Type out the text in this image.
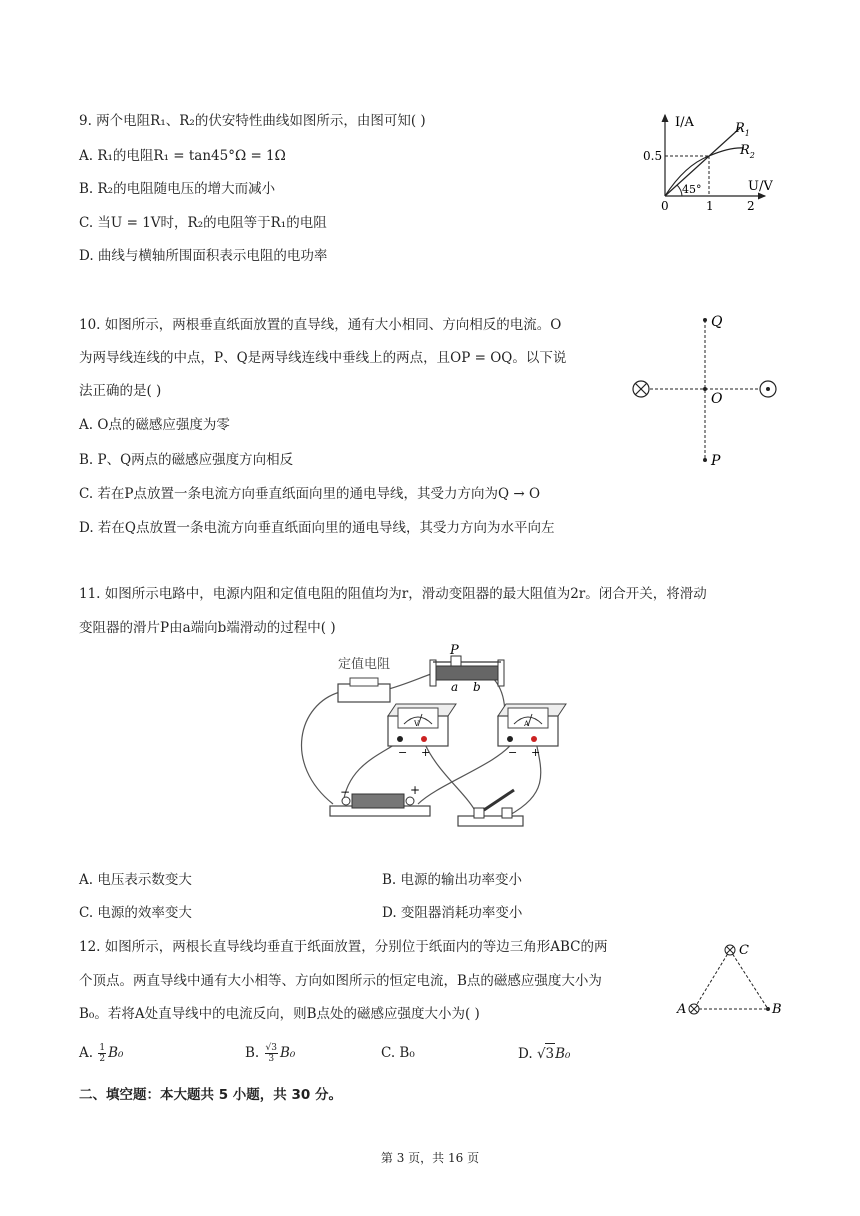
9. 两个电阻R₁、R₂的伏安特性曲线如图所示，由图可知( )
A. R₁的电阻R₁ = tan45°Ω = 1Ω
B. R₂的电阻随电压的增大而减小
C. 当U = 1V时，R₂的电阻等于R₁的电阻
D. 曲线与横轴所围面积表示电阻的电功率
I/A
U/V
$R_1$
$R_2$
0.5
0	1	2
45°
10. 如图所示，两根垂直纸面放置的直导线，通有大小相同、方向相反的电流。O
为两导线连线的中点，P、Q是两导线连线中垂线上的两点，且OP = OQ。以下说
法正确的是( )
A. O点的磁感应强度为零
B. P、Q两点的磁感应强度方向相反
C. 若在P点放置一条电流方向垂直纸面向里的通电导线，其受力方向为Q → O
D. 若在Q点放置一条电流方向垂直纸面向里的通电导线，其受力方向为水平向左
Q
O
P
11. 如图所示电路中，电源内阻和定值电阻的阻值均为r，滑动变阻器的最大阻值为2r。闭合开关，将滑动
变阻器的滑片P由a端向b端滑动的过程中( )
定值电阻
P
a b
V
− +
A
− +
−	+
A. 电压表示数变大	B. 电源的输出功率变小
C. 电源的效率变大	D. 变阻器消耗功率变小
12. 如图所示，两根长直导线均垂直于纸面放置，分别位于纸面内的等边三角形ABC的两
个顶点。两直导线中通有大小相等、方向如图所示的恒定电流，B点的磁感应强度大小为
B₀。若将A处直导线中的电流反向，则B点处的磁感应强度大小为( )
C
A	B
A. $\frac{1}{2} B_0$	B. $\frac{√3}{3} B_0$	C. B₀	D. √3B₀
二、填空题：本大题共 5 小题，共 30 分。
第 3 页，共 16 页
